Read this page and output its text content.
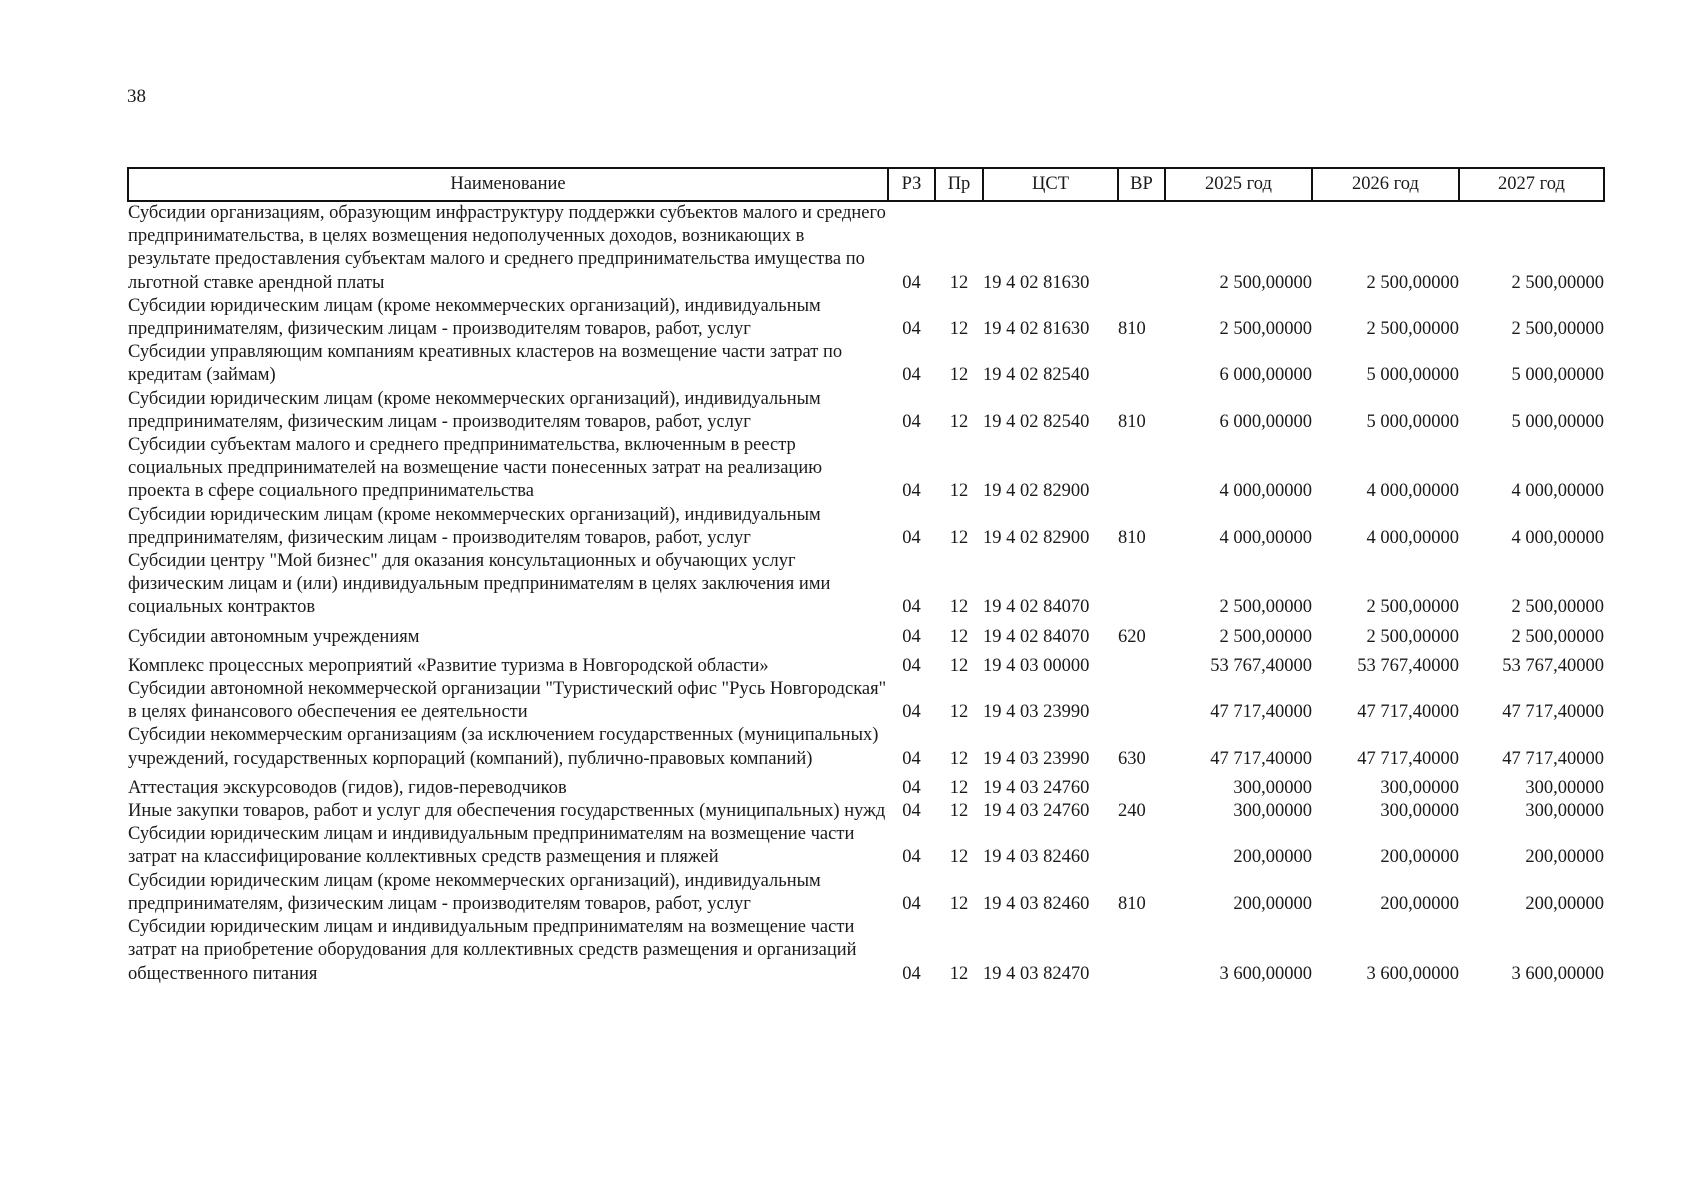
38
Наименование	РЗ	Пр	ЦСТ	ВР	2025 год	2026 год	2027 год
Субсидии организациям, образующим инфраструктуру поддержки субъектов малого и среднего предпринимательства, в целях возмещения недополученных доходов, возникающих в результате предоставления субъектам малого и среднего предпринимательства имущества по льготной ставке арендной платы	04	12	19 4 02 81630		2 500,00000	2 500,00000	2 500,00000
Субсидии юридическим лицам (кроме некоммерческих организаций), индивидуальным предпринимателям, физическим лицам - производителям товаров, работ, услуг	04	12	19 4 02 81630	810	2 500,00000	2 500,00000	2 500,00000
Субсидии управляющим компаниям креативных кластеров на возмещение части затрат по кредитам (займам)	04	12	19 4 02 82540		6 000,00000	5 000,00000	5 000,00000
Субсидии юридическим лицам (кроме некоммерческих организаций), индивидуальным предпринимателям, физическим лицам - производителям товаров, работ, услуг	04	12	19 4 02 82540	810	6 000,00000	5 000,00000	5 000,00000
Субсидии субъектам малого и среднего предпринимательства, включенным в реестр социальных предпринимателей на возмещение части понесенных затрат на реализацию проекта в сфере социального предпринимательства	04	12	19 4 02 82900		4 000,00000	4 000,00000	4 000,00000
Субсидии юридическим лицам (кроме некоммерческих организаций), индивидуальным предпринимателям, физическим лицам - производителям товаров, работ, услуг	04	12	19 4 02 82900	810	4 000,00000	4 000,00000	4 000,00000
Субсидии центру "Мой бизнес" для оказания консультационных и обучающих услуг физическим лицам и (или) индивидуальным предпринимателям в целях заключения ими социальных контрактов	04	12	19 4 02 84070		2 500,00000	2 500,00000	2 500,00000
Субсидии автономным учреждениям	04	12	19 4 02 84070	620	2 500,00000	2 500,00000	2 500,00000
Комплекс процессных мероприятий «Развитие туризма в Новгородской области»	04	12	19 4 03 00000		53 767,40000	53 767,40000	53 767,40000
Субсидии автономной некоммерческой организации "Туристический офис "Русь Новгородская" в целях финансового обеспечения ее деятельности	04	12	19 4 03 23990		47 717,40000	47 717,40000	47 717,40000
Субсидии некоммерческим организациям (за исключением государственных (муниципальных) учреждений, государственных корпораций (компаний), публично-правовых компаний)	04	12	19 4 03 23990	630	47 717,40000	47 717,40000	47 717,40000
Аттестация экскурсоводов (гидов), гидов-переводчиков	04	12	19 4 03 24760		300,00000	300,00000	300,00000
Иные закупки товаров, работ и услуг для обеспечения государственных (муниципальных) нужд	04	12	19 4 03 24760	240	300,00000	300,00000	300,00000
Субсидии юридическим лицам и индивидуальным предпринимателям на возмещение части затрат на классифицирование коллективных средств размещения и пляжей	04	12	19 4 03 82460		200,00000	200,00000	200,00000
Субсидии юридическим лицам (кроме некоммерческих организаций), индивидуальным предпринимателям, физическим лицам - производителям товаров, работ, услуг	04	12	19 4 03 82460	810	200,00000	200,00000	200,00000
Субсидии юридическим лицам и индивидуальным предпринимателям на возмещение части затрат на приобретение оборудования для коллективных средств размещения и организаций общественного питания	04	12	19 4 03 82470		3 600,00000	3 600,00000	3 600,00000
